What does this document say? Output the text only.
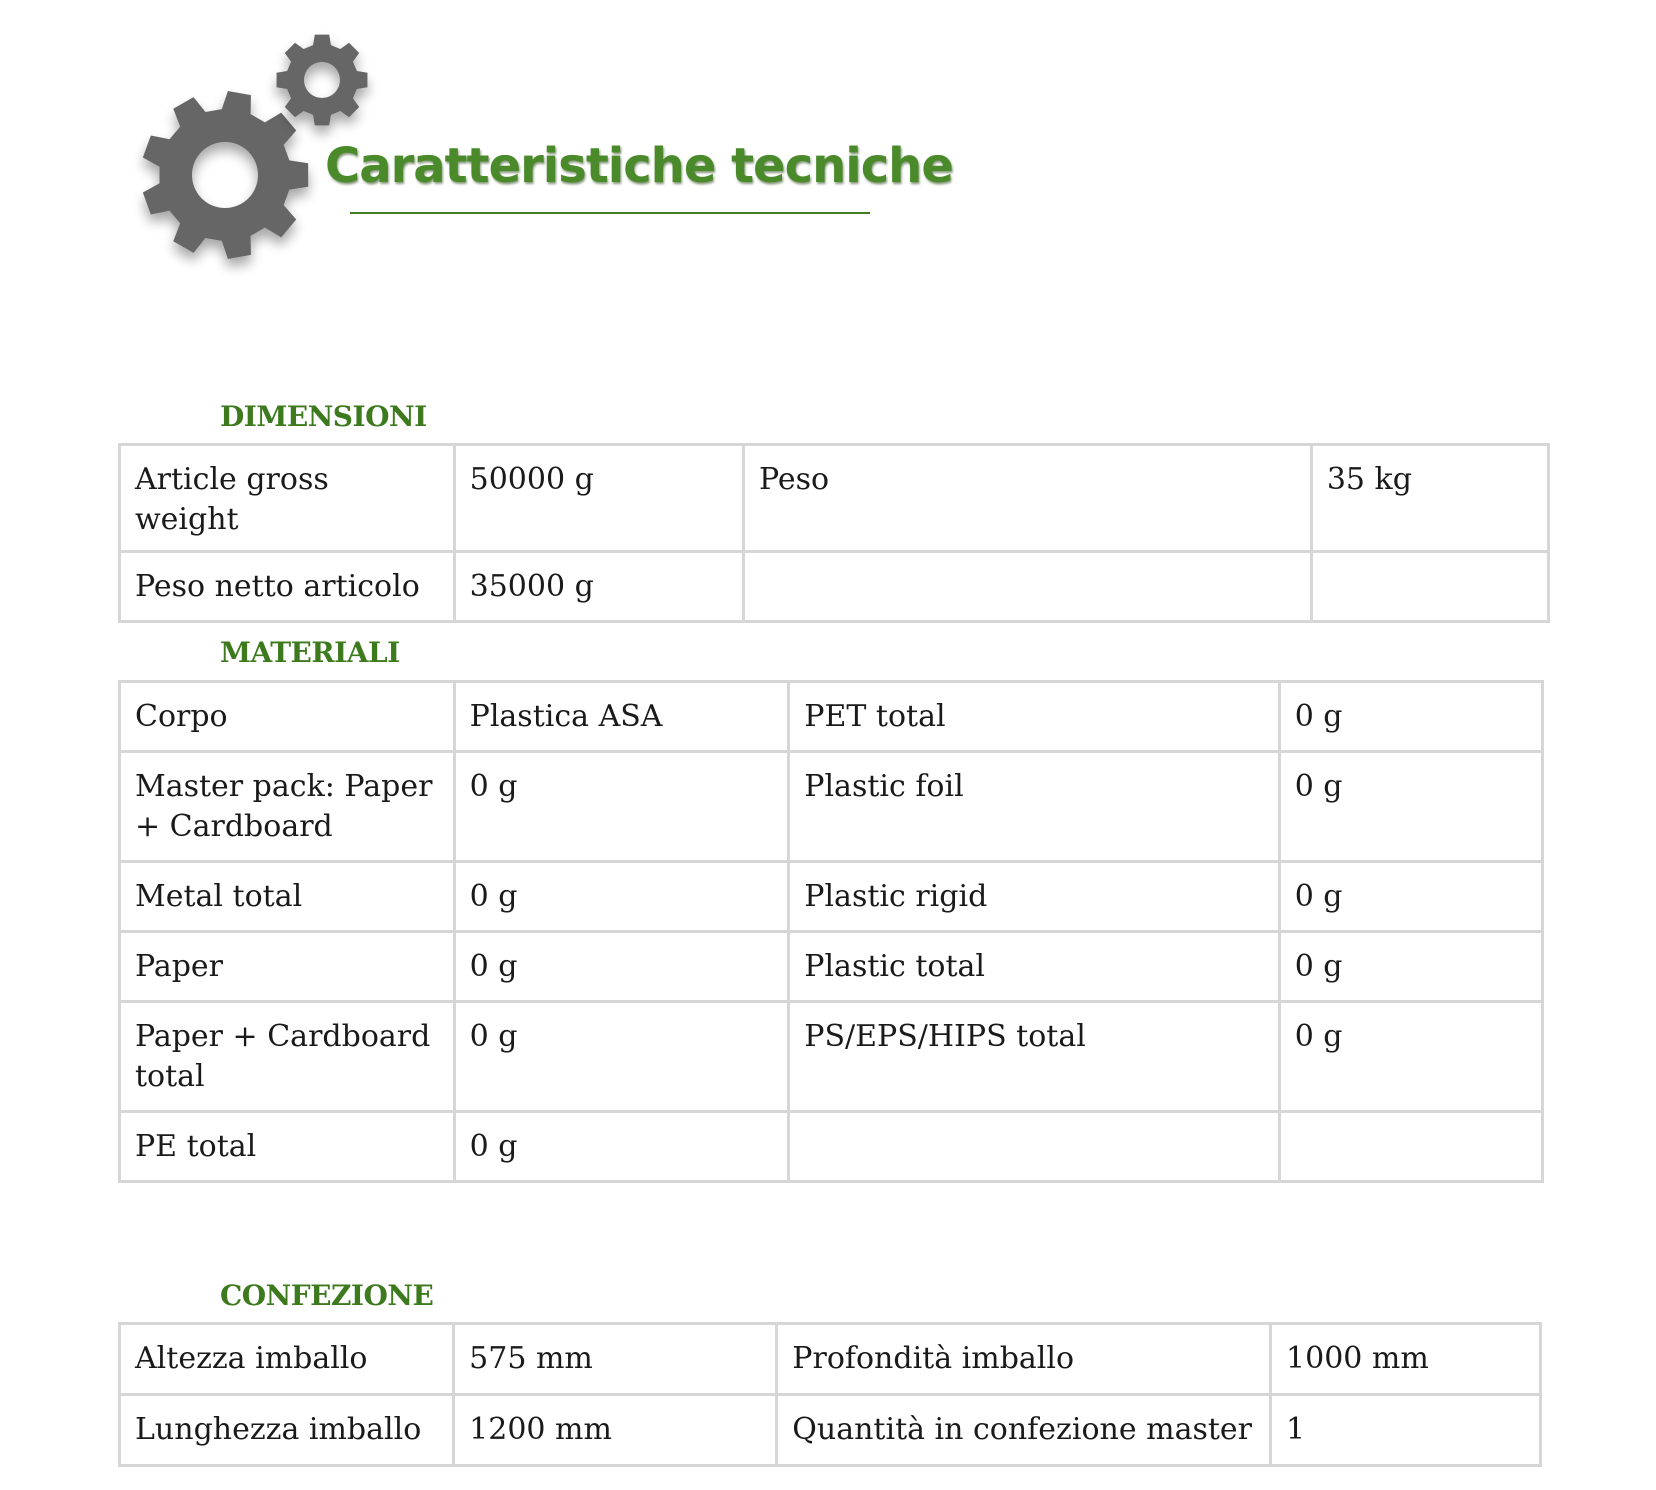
Caratteristiche tecniche
DIMENSIONI
Article gross weight	50000 g	Peso	35 kg
Peso netto articolo	35000 g		
MATERIALI
Corpo	Plastica ASA	PET total	0 g
Master pack: Paper + Cardboard	0 g	Plastic foil	0 g
Metal total	0 g	Plastic rigid	0 g
Paper	0 g	Plastic total	0 g
Paper + Cardboard total	0 g	PS/EPS/HIPS total	0 g
PE total	0 g		
CONFEZIONE
Altezza imballo	575 mm	Profondità imballo	1000 mm
Lunghezza imballo	1200 mm	Quantità in confezione master	1
